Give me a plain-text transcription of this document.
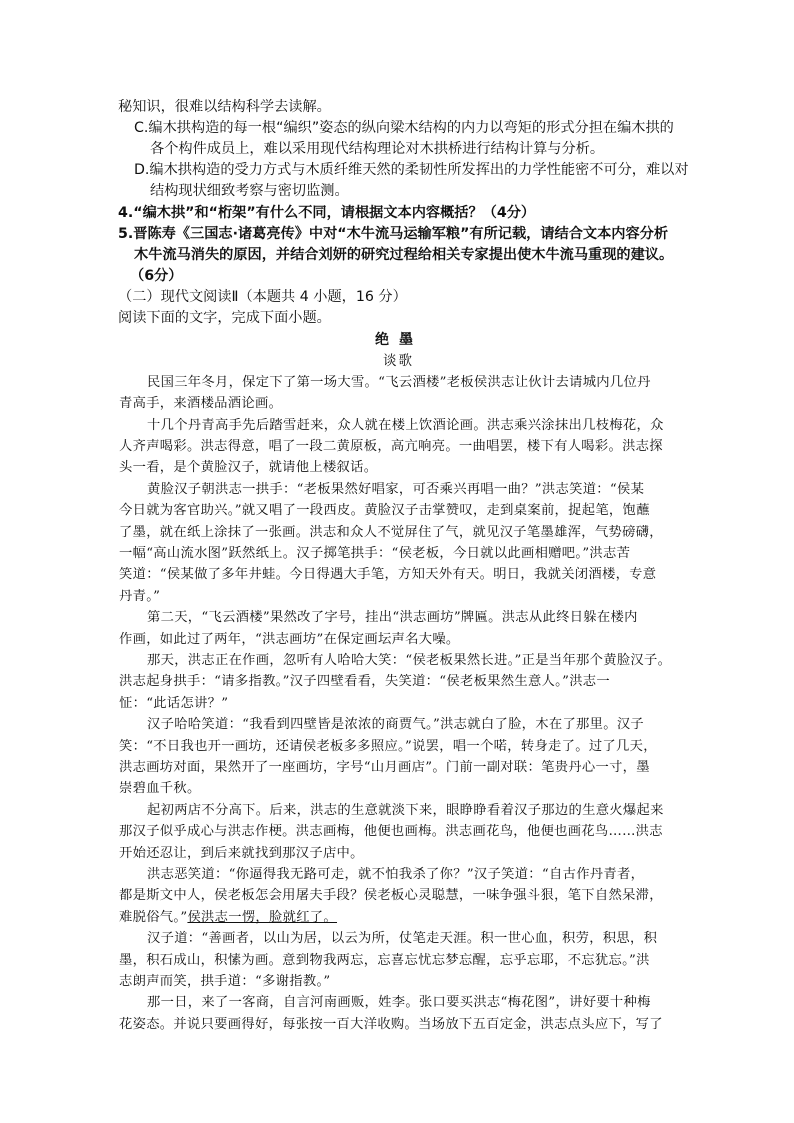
秘知识，很难以结构科学去读解。
C.编木拱构造的每一根“编织”姿态的纵向梁木结构的内力以弯矩的形式分担在编木拱的
各个构件成员上，难以采用现代结构理论对木拱桥进行结构计算与分析。
D.编木拱构造的受力方式与木质纤维天然的柔韧性所发挥出的力学性能密不可分，难以对
结构现状细致考察与密切监测。
4.“编木拱”和“桁架”有什么不同，请根据文本内容概括？（4分）
5.晋陈寿《三国志·诸葛亮传》中对“木牛流马运输军粮”有所记载，请结合文本内容分析
木牛流马消失的原因，并结合刘妍的研究过程给相关专家提出使木牛流马重现的建议。
（6分）
（二）现代文阅读Ⅱ（本题共 4 小题，16 分）
阅读下面的文字，完成下面小题。
绝墨
谈歌
民国三年冬月，保定下了第一场大雪。“飞云酒楼”老板侯洪志让伙计去请城内几位丹
青高手，来酒楼品酒论画。
十几个丹青高手先后踏雪赶来，众人就在楼上饮酒论画。洪志乘兴涂抹出几枝梅花，众
人齐声喝彩。洪志得意，唱了一段二黄原板，高亢响亮。一曲唱罢，楼下有人喝彩。洪志探
头一看，是个黄脸汉子，就请他上楼叙话。
黄脸汉子朝洪志一拱手：“老板果然好唱家，可否乘兴再唱一曲？”洪志笑道：“侯某
今日就为客官助兴。”就又唱了一段西皮。黄脸汉子击掌赞叹，走到桌案前，捉起笔，饱蘸
了墨，就在纸上涂抹了一张画。洪志和众人不觉屏住了气，就见汉子笔墨雄浑，气势磅礴，
一幅“高山流水图”跃然纸上。汉子掷笔拱手：“侯老板，今日就以此画相赠吧。”洪志苦
笑道：“侯某做了多年井蛙。今日得遇大手笔，方知天外有天。明日，我就关闭酒楼，专意
丹青。”
第二天，“飞云酒楼”果然改了字号，挂出“洪志画坊”牌匾。洪志从此终日躲在楼内
作画，如此过了两年，“洪志画坊”在保定画坛声名大噪。
那天，洪志正在作画，忽听有人哈哈大笑：“侯老板果然长进。”正是当年那个黄脸汉子。
洪志起身拱手：“请多指教。”汉子四壁看看，失笑道：“侯老板果然生意人。”洪志一
怔：“此话怎讲？”
汉子哈哈笑道：“我看到四壁皆是浓浓的商贾气。”洪志就白了脸，木在了那里。汉子
笑：“不日我也开一画坊，还请侯老板多多照应。”说罢，唱一个喏，转身走了。过了几天，
洪志画坊对面，果然开了一座画坊，字号“山月画店”。门前一副对联：笔贵丹心一寸，墨
崇碧血千秋。
起初两店不分高下。后来，洪志的生意就淡下来，眼睁睁看着汉子那边的生意火爆起来
那汉子似乎成心与洪志作梗。洪志画梅，他便也画梅。洪志画花鸟，他便也画花鸟……洪志
开始还忍让，到后来就找到那汉子店中。
洪志恶笑道：“你逼得我无路可走，就不怕我杀了你？”汉子笑道：“自古作丹青者，
都是斯文中人，侯老板怎会用屠夫手段？侯老板心灵聪慧，一味争强斗狠，笔下自然呆滞，
难脱俗气。”侯洪志一愣，脸就红了。
汉子道：“善画者，以山为居，以云为所，仗笔走天涯。积一世心血，积劳，积思，积
墨，积石成山，积愫为画。意到物我两忘，忘喜忘忧忘梦忘醒，忘乎忘耶，不忘犹忘。”洪
志朗声而笑，拱手道：“多谢指教。”
那一日，来了一客商，自言河南画贩，姓李。张口要买洪志“梅花图”，讲好要十种梅
花姿态。并说只要画得好，每张按一百大洋收购。当场放下五百定金，洪志点头应下，写了
